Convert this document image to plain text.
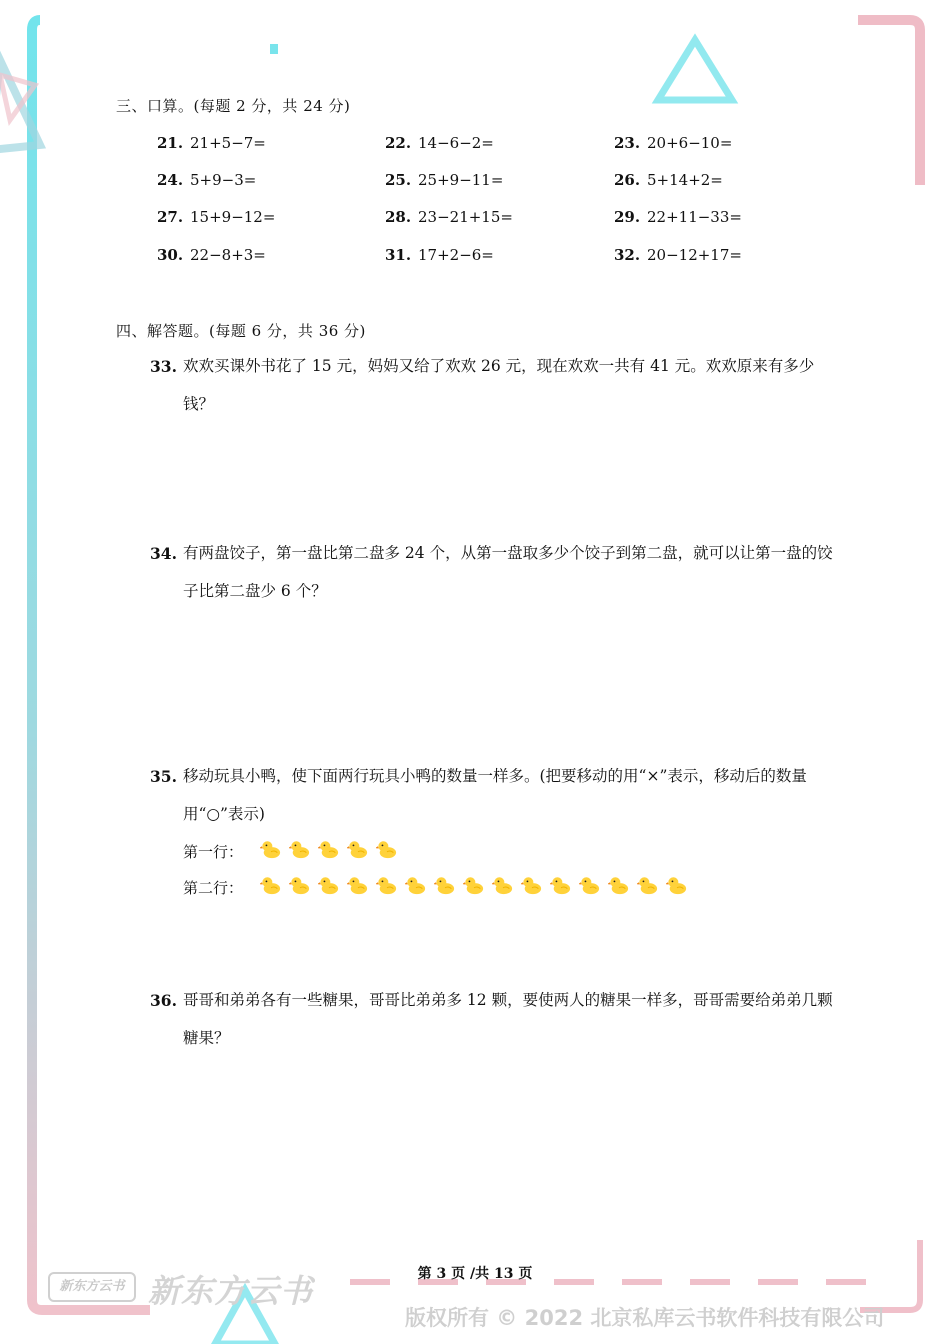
三、口算。(每题 2 分，共 24 分)
21. 21+5−7=	22. 14−6−2=	23. 20+6−10=
24. 5+9−3=	25. 25+9−11=	26. 5+14+2=
27. 15+9−12=	28. 23−21+15=	29. 22+11−33=
30. 22−8+3=	31. 17+2−6=	32. 20−12+17=
四、解答题。(每题 6 分，共 36 分)
33. 欢欢买课外书花了 15 元，妈妈又给了欢欢 26 元，现在欢欢一共有 41 元。欢欢原来有多少钱？
34. 有两盘饺子，第一盘比第二盘多 24 个，从第一盘取多少个饺子到第二盘，就可以让第一盘的饺子比第二盘少 6 个？
35. 移动玩具小鸭，使下面两行玩具小鸭的数量一样多。(把要移动的用“×”表示，移动后的数量用“○”表示)
第一行：
第二行：
36. 哥哥和弟弟各有一些糖果，哥哥比弟弟多 12 颗，要使两人的糖果一样多，哥哥需要给弟弟几颗糖果？
第 3 页 /共 13 页
新东方云书 新东方云书
版权所有 © 2022 北京私库云书软件科技有限公司
